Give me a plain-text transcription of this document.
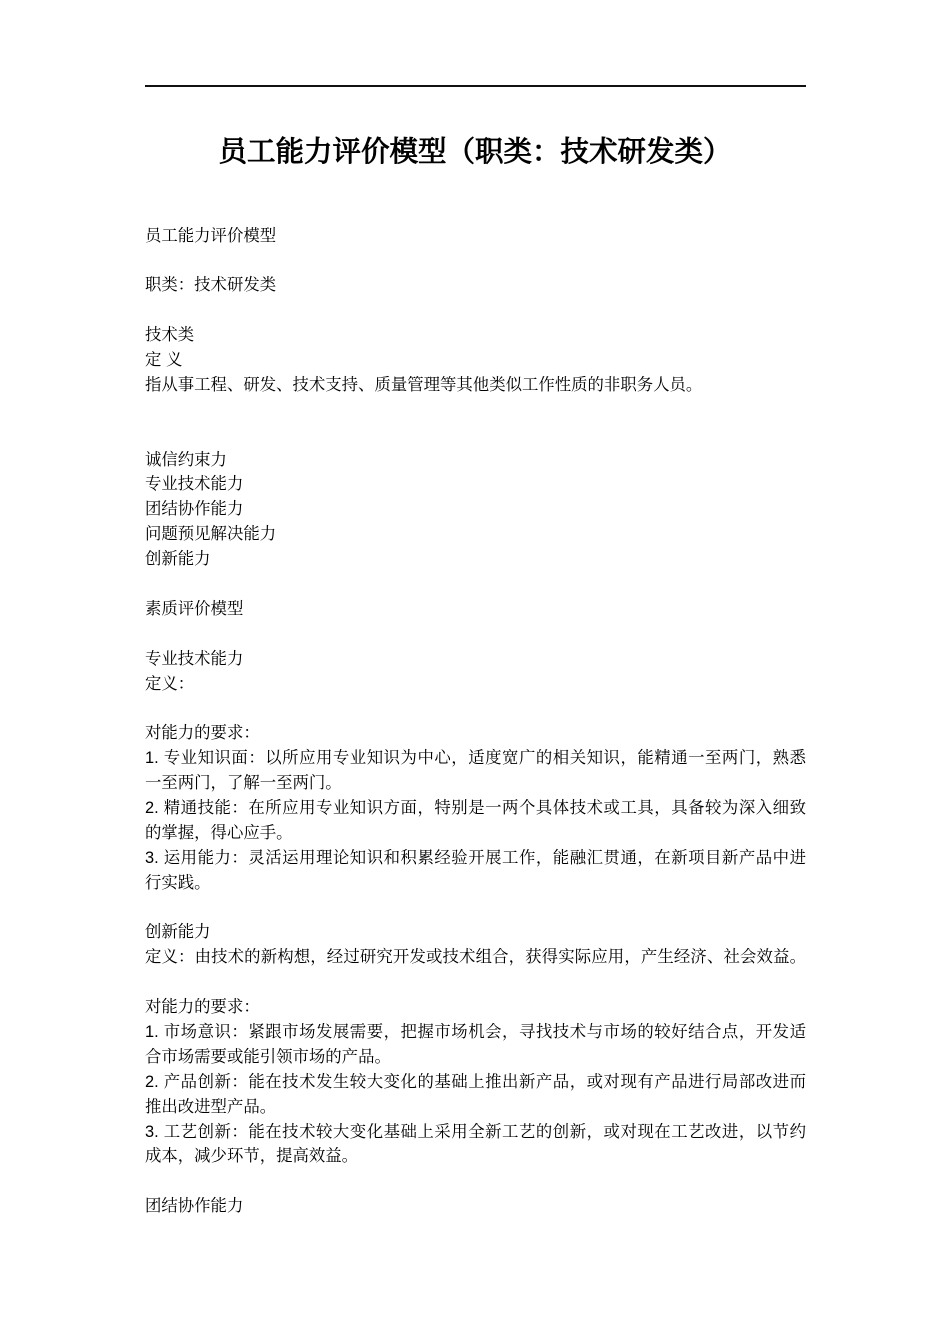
员工能力评价模型（职类：技术研发类）
员工能力评价模型
职类：技术研发类
技术类
定 义
指从事工程、研发、技术支持、质量管理等其他类似工作性质的非职务人员。
诚信约束力
专业技术能力
团结协作能力
问题预见解决能力
创新能力
素质评价模型
专业技术能力
定义：
对能力的要求：
1. 专业知识面：以所应用专业知识为中心，适度宽广的相关知识，能精通一至两门，熟悉
一至两门，了解一至两门。
2. 精通技能：在所应用专业知识方面，特别是一两个具体技术或工具，具备较为深入细致
的掌握，得心应手。
3. 运用能力：灵活运用理论知识和积累经验开展工作，能融汇贯通，在新项目新产品中进
行实践。
创新能力
定义：由技术的新构想，经过研究开发或技术组合，获得实际应用，产生经济、社会效益。
对能力的要求：
1. 市场意识：紧跟市场发展需要，把握市场机会，寻找技术与市场的较好结合点，开发适
合市场需要或能引领市场的产品。
2. 产品创新：能在技术发生较大变化的基础上推出新产品，或对现有产品进行局部改进而
推出改进型产品。
3. 工艺创新：能在技术较大变化基础上采用全新工艺的创新，或对现在工艺改进，以节约
成本，减少环节，提高效益。
团结协作能力
